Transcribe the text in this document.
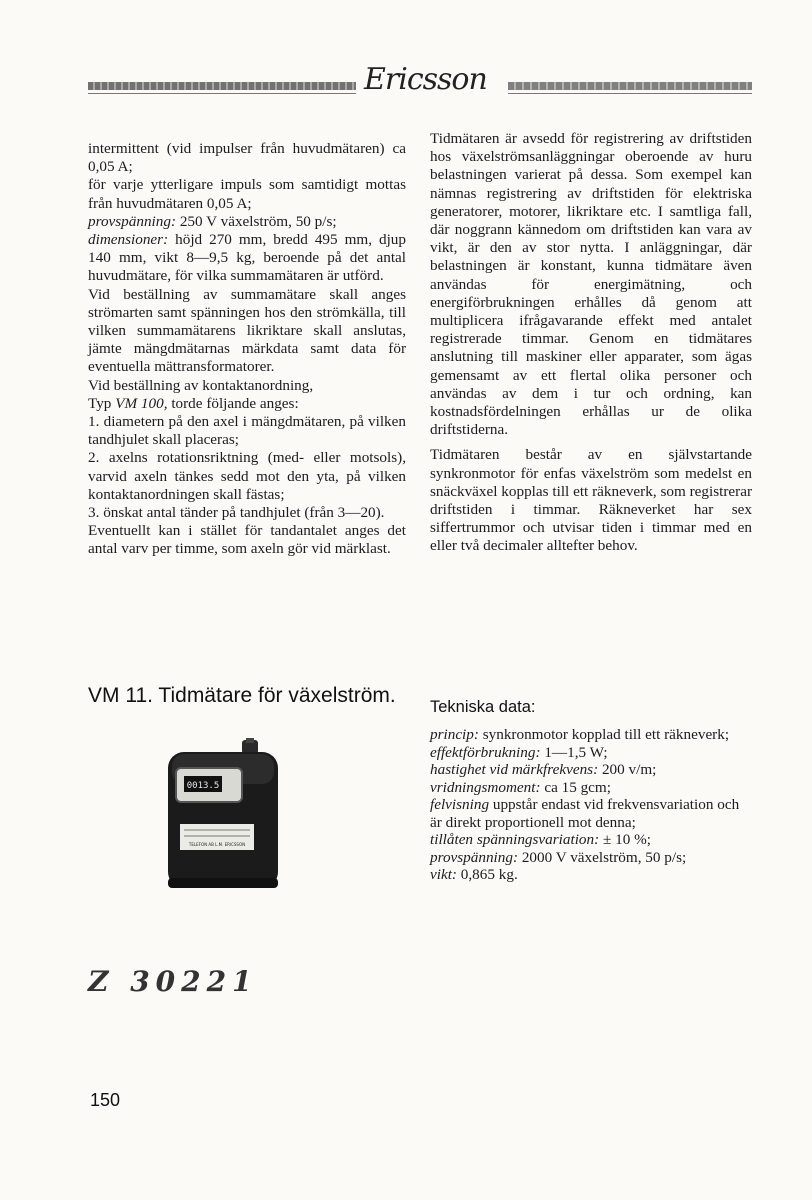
Ericsson

intermittent (vid impulser från huvudmätaren) ca 0,05 A;

för varje ytterligare impuls som samtidigt mottas från huvudmätaren 0,05 A;

provspänning: 250 V växelström, 50 p/s;

dimensioner: höjd 270 mm, bredd 495 mm, djup 140 mm, vikt 8—9,5 kg, beroende på det antal huvudmätare, för vilka summamätaren är utförd.

Vid beställning av summamätare skall anges strömarten samt spänningen hos den strömkälla, till vilken summamätarens likriktare skall anslutas, jämte mängdmätarnas märkdata samt data för eventuella mättransformatorer.

Vid beställning av kontaktanordning,

Typ VM 100, torde följande anges:

1. diametern på den axel i mängdmätaren, på vilken tandhjulet skall placeras;

2. axelns rotationsriktning (med- eller motsols), varvid axeln tänkes sedd mot den yta, på vilken kontaktanordningen skall fästas;

3. önskat antal tänder på tandhjulet (från 3—20).

Eventuellt kan i stället för tandantalet anges det antal varv per timme, som axeln gör vid märklast.

Tidmätaren är avsedd för registrering av driftstiden hos växelströmsanläggningar oberoende av huru belastningen varierat på dessa. Som exempel kan nämnas registrering av driftstiden för elektriska generatorer, motorer, likriktare etc. I samtliga fall, där noggrann kännedom om driftstiden kan vara av vikt, är den av stor nytta. I anläggningar, där belastningen är konstant, kunna tidmätare även användas för energimätning, och energiförbrukningen erhålles då genom att multiplicera ifrågavarande effekt med antalet registrerade timmar. Genom en tidmätares anslutning till maskiner eller apparater, som ägas gemensamt av ett flertal olika personer och användas av dem i tur och ordning, kan kostnadsfördelningen erhållas ur de olika driftstiderna.

Tidmätaren består av en självstartande synkronmotor för enfas växelström som medelst en snäckväxel kopplas till ett räkneverk, som registrerar driftstiden i timmar. Räkneverket har sex siffertrummor och utvisar tiden i timmar med en eller två decimaler alltefter behov.

VM 11. Tidmätare för växelström.	Tekniska data:

princip: synkronmotor kopplad till ett räkneverk;

effektförbrukning: 1—1,5 W;

hastighet vid märkfrekvens: 200 v/m;

vridningsmoment: ca 15 gcm;

felvisning uppstår endast vid frekvensvariation och är direkt proportionell mot denna;

tillåten spänningsvariation: ± 10 %;

provspänning: 2000 V växelström, 50 p/s;

vikt: 0,865 kg.

0013.5
TELEFON AB L.M. ERICSSON
Z 30221
150
